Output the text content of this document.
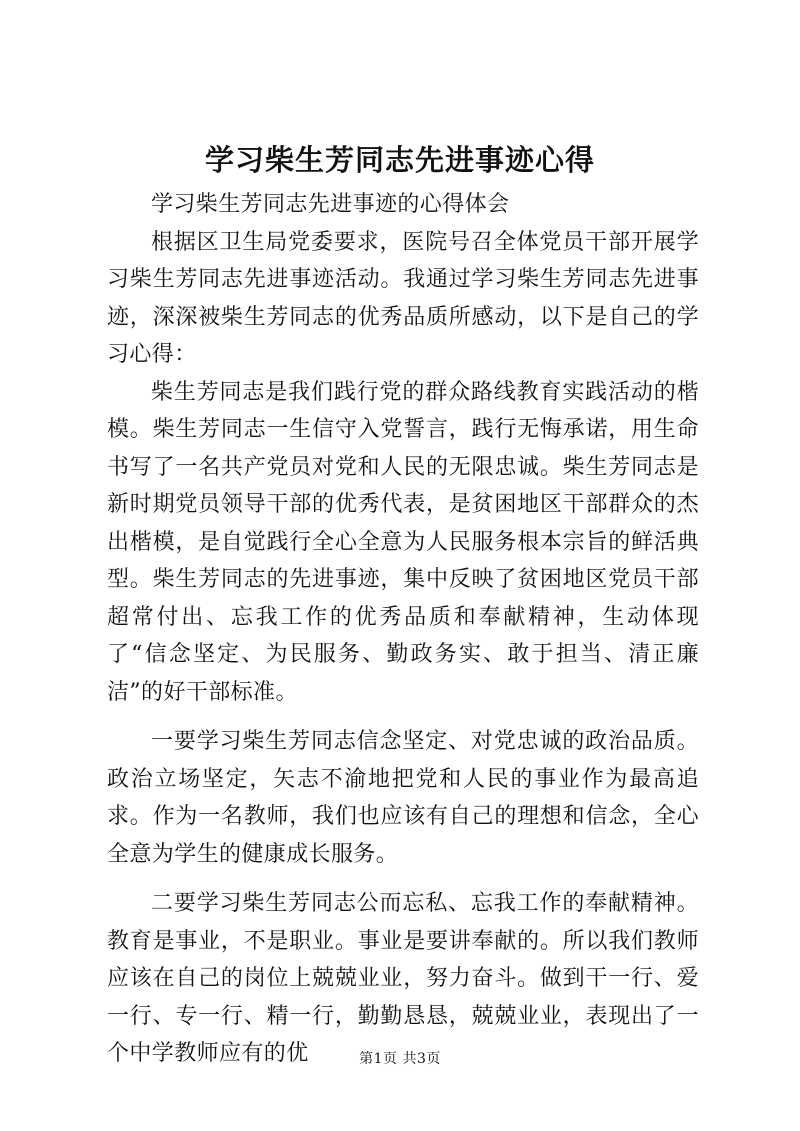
学习柴生芳同志先进事迹心得

学习柴生芳同志先进事迹的心得体会

根据区卫生局党委要求，医院号召全体党员干部开展学习柴生芳同志先进事迹活动。我通过学习柴生芳同志先进事迹，深深被柴生芳同志的优秀品质所感动，以下是自己的学习心得：

柴生芳同志是我们践行党的群众路线教育实践活动的楷模。柴生芳同志一生信守入党誓言，践行无悔承诺，用生命书写了一名共产党员对党和人民的无限忠诚。柴生芳同志是新时期党员领导干部的优秀代表，是贫困地区干部群众的杰出楷模，是自觉践行全心全意为人民服务根本宗旨的鲜活典型。柴生芳同志的先进事迹，集中反映了贫困地区党员干部超常付出、忘我工作的优秀品质和奉献精神，生动体现了“信念坚定、为民服务、勤政务实、敢于担当、清正廉洁”的好干部标准。

一要学习柴生芳同志信念坚定、对党忠诚的政治品质。政治立场坚定，矢志不渝地把党和人民的事业作为最高追求。作为一名教师，我们也应该有自己的理想和信念，全心全意为学生的健康成长服务。

二要学习柴生芳同志公而忘私、忘我工作的奉献精神。教育是事业，不是职业。事业是要讲奉献的。所以我们教师应该在自己的岗位上兢兢业业，努力奋斗。做到干一行、爱一行、专一行、精一行，勤勤恳恳，兢兢业业，表现出了一个中学教师应有的优	第1页 共3页
